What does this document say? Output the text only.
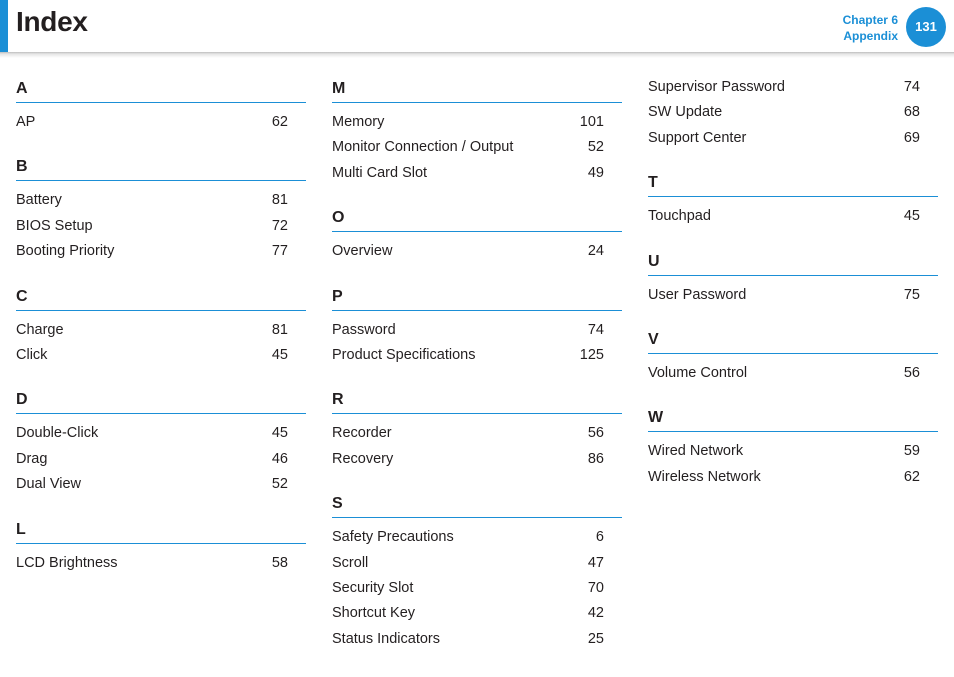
Index	Chapter 6
Appendix
131
A
AP	62
B
Battery	81
BIOS Setup	72
Booting Priority	77
C
Charge	81
Click	45
D
Double-Click	45
Drag	46
Dual View	52
L
LCD Brightness	58
M
Memory	101
Monitor Connection / Output	52
Multi Card Slot	49
O
Overview	24
P
Password	74
Product Specifications	125
R
Recorder	56
Recovery	86
S
Safety Precautions	6
Scroll	47
Security Slot	70
Shortcut Key	42
Status Indicators	25
Supervisor Password	74
SW Update	68
Support Center	69
T
Touchpad	45
U
User Password	75
V
Volume Control	56
W
Wired Network	59
Wireless Network	62
